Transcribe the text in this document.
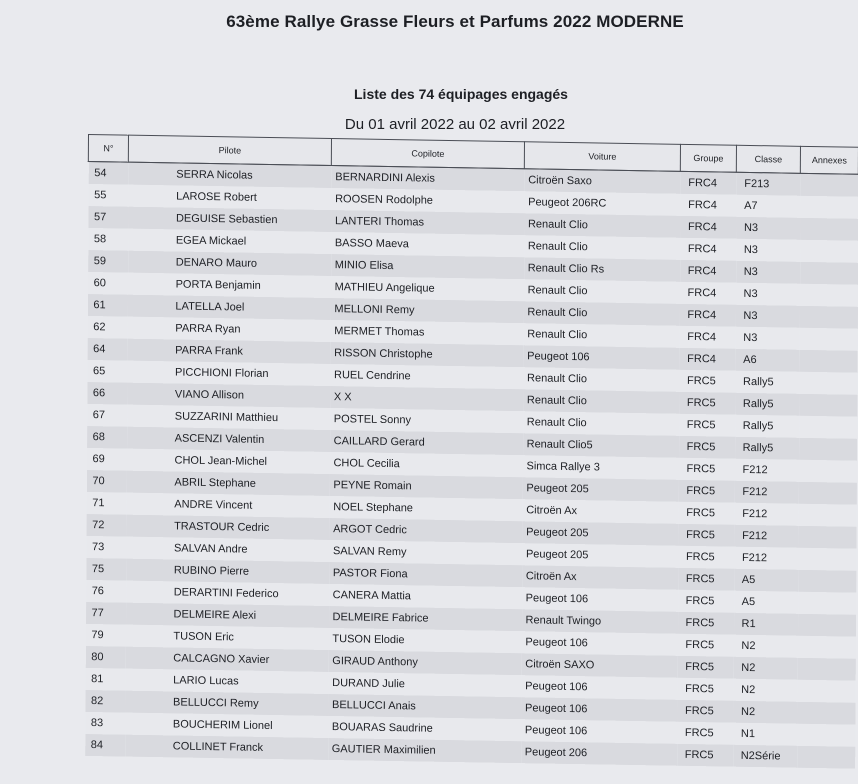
63ème Rallye Grasse Fleurs et Parfums 2022 MODERNE
Liste des 74 équipages engagés
Du 01 avril 2022 au 02 avril 2022
N°	Pilote	Copilote	Voiture	Groupe	Classe	Annexes
54	SERRA Nicolas	BERNARDINI Alexis	Citroën Saxo	FRC4	F213	
55	LAROSE Robert	ROOSEN Rodolphe	Peugeot 206RC	FRC4	A7	
57	DEGUISE Sebastien	LANTERI Thomas	Renault Clio	FRC4	N3	
58	EGEA Mickael	BASSO Maeva	Renault Clio	FRC4	N3	
59	DENARO Mauro	MINIO Elisa	Renault Clio Rs	FRC4	N3	
60	PORTA Benjamin	MATHIEU Angelique	Renault Clio	FRC4	N3	
61	LATELLA Joel	MELLONI Remy	Renault Clio	FRC4	N3	
62	PARRA Ryan	MERMET Thomas	Renault Clio	FRC4	N3	
64	PARRA Frank	RISSON Christophe	Peugeot 106	FRC4	A6	
65	PICCHIONI Florian	RUEL Cendrine	Renault Clio	FRC5	Rally5	
66	VIANO Allison	X X	Renault Clio	FRC5	Rally5	
67	SUZZARINI Matthieu	POSTEL Sonny	Renault Clio	FRC5	Rally5	
68	ASCENZI Valentin	CAILLARD Gerard	Renault Clio5	FRC5	Rally5	
69	CHOL Jean-Michel	CHOL Cecilia	Simca Rallye 3	FRC5	F212	
70	ABRIL Stephane	PEYNE Romain	Peugeot 205	FRC5	F212	
71	ANDRE Vincent	NOEL Stephane	Citroën Ax	FRC5	F212	
72	TRASTOUR Cedric	ARGOT Cedric	Peugeot 205	FRC5	F212	
73	SALVAN Andre	SALVAN Remy	Peugeot 205	FRC5	F212	
75	RUBINO Pierre	PASTOR Fiona	Citroën Ax	FRC5	A5	
76	DERARTINI Federico	CANERA Mattia	Peugeot 106	FRC5	A5	
77	DELMEIRE Alexi	DELMEIRE Fabrice	Renault Twingo	FRC5	R1	
79	TUSON Eric	TUSON Elodie	Peugeot 106	FRC5	N2	
80	CALCAGNO Xavier	GIRAUD Anthony	Citroën SAXO	FRC5	N2	
81	LARIO Lucas	DURAND Julie	Peugeot 106	FRC5	N2	
82	BELLUCCI Remy	BELLUCCI Anais	Peugeot 106	FRC5	N2	
83	BOUCHERIM Lionel	BOUARAS Saudrine	Peugeot 106	FRC5	N1	
84	COLLINET Franck	GAUTIER Maximilien	Peugeot 206	FRC5	N2Série	
